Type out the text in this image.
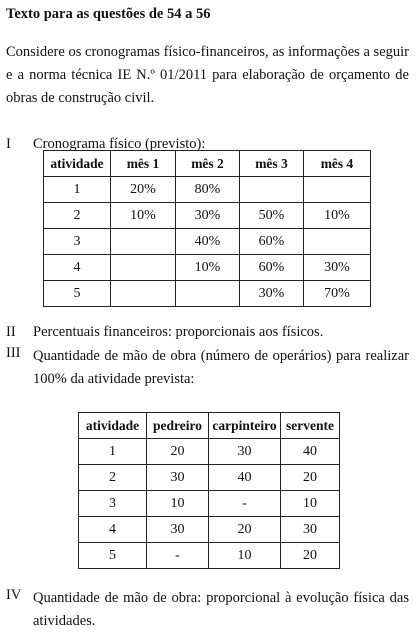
Texto para as questões de 54 a 56
Considere os cronogramas físico-financeiros, as informações a seguir e a norma técnica IE N.º 01/2011 para elaboração de orçamento de obras de construção civil.
I Cronograma físico (previsto):
atividade	mês 1	mês 2	mês 3	mês 4
1	20%	80%		
2	10%	30%	50%	10%
3		40%	60%	
4		10%	60%	30%
5			30%	70%
II Percentuais financeiros: proporcionais aos físicos.
III Quantidade de mão de obra (número de operários) para realizar 100% da atividade prevista:
atividade	pedreiro	carpinteiro	servente
1	20	30	40
2	30	40	20
3	10	-	10
4	30	20	30
5	-	10	20
IV Quantidade de mão de obra: proporcional à evolução física das atividades.
